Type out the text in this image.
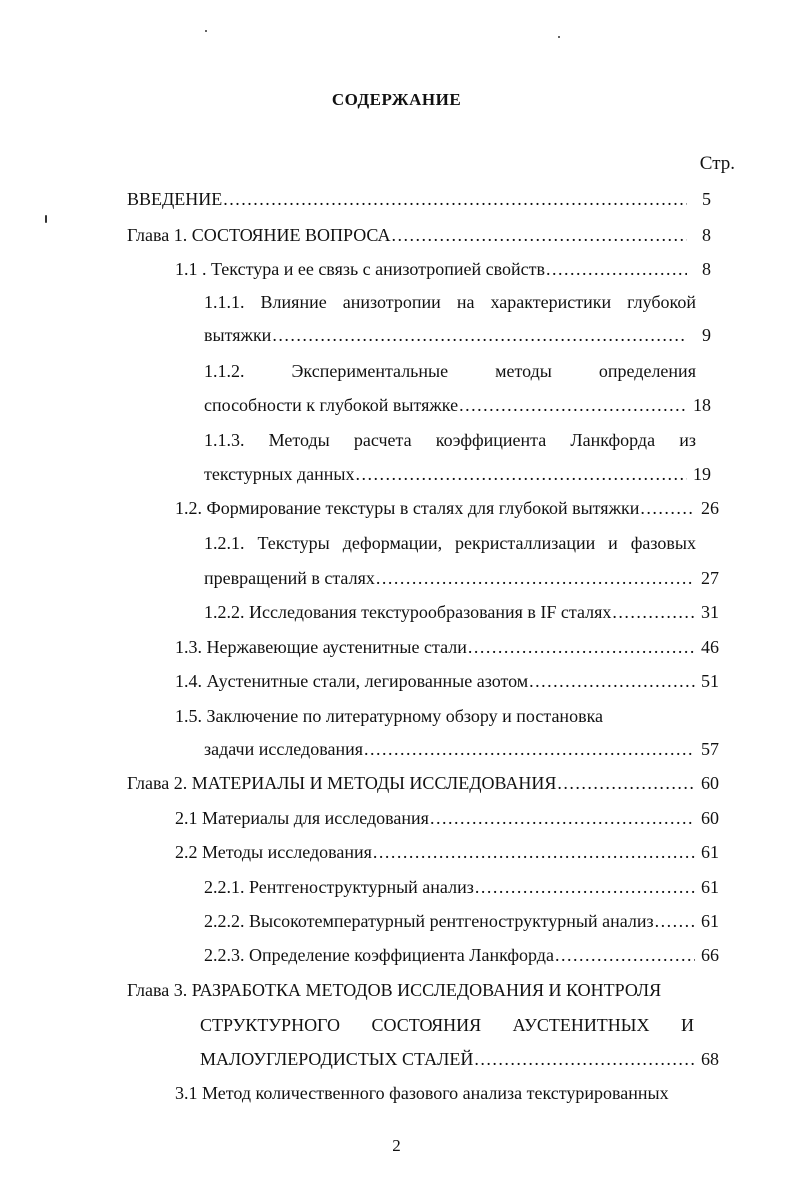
СОДЕРЖАНИЕ
Стр.
ВВЕДЕНИЕ .....	5
Глава 1. СОСТОЯНИЕ ВОПРОСА .....	8
1.1 . Текстура и ее связь с анизотропией свойств .....	8
1.1.1. Влияние анизотропии на характеристики глубокой
вытяжки .....	9
1.1.2.	Экспериментальные	методы	определения
способности к глубокой вытяжке .....	18
1.1.3. Методы расчета коэффициента Ланкфорда из
текстурных данных .....	19
1.2. Формирование текстуры в сталях для глубокой вытяжки .....	26
1.2.1. Текстуры деформации, рекристаллизации и фазовых
превращений в сталях .....	27
1.2.2. Исследования текстурообразования в IF сталях .....	31
1.3. Нержавеющие аустенитные стали .....	46
1.4. Аустенитные стали, легированные азотом .....	51
1.5. Заключение по литературному обзору и постановка
задачи исследования .....	57
Глава 2. МАТЕРИАЛЫ И МЕТОДЫ ИССЛЕДОВАНИЯ .....	60
2.1 Материалы для исследования .....	60
2.2 Методы исследования .....	61
2.2.1. Рентгеноструктурный анализ .....	61
2.2.2. Высокотемпературный рентгеноструктурный анализ .....	61
2.2.3. Определение коэффициента Ланкфорда .....	66
Глава 3. РАЗРАБОТКА МЕТОДОВ ИССЛЕДОВАНИЯ И КОНТРОЛЯ
СТРУКТУРНОГО СОСТОЯНИЯ АУСТЕНИТНЫХ И
МАЛОУГЛЕРОДИСТЫХ СТАЛЕЙ .....	68
3.1 Метод количественного фазового анализа текстурированных
2
